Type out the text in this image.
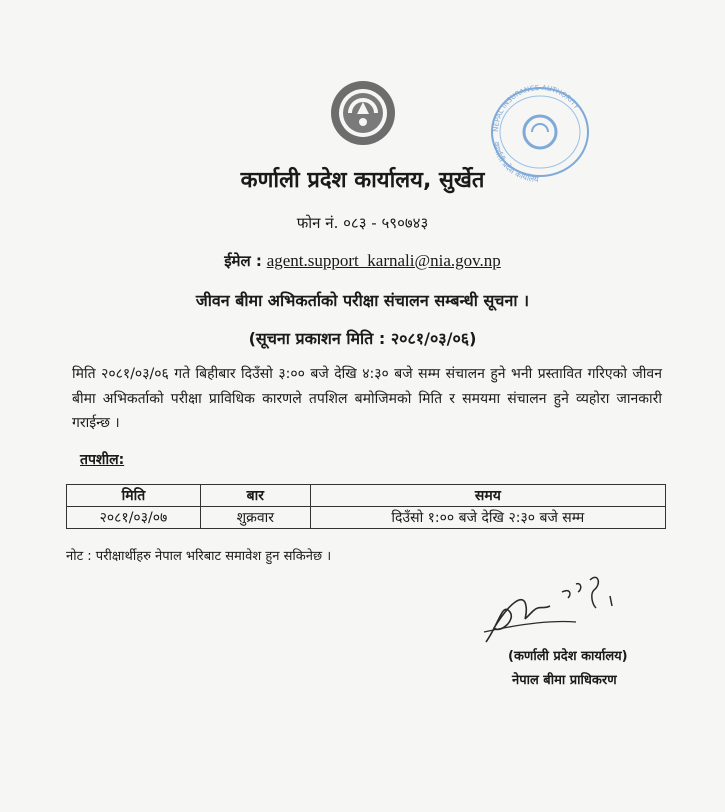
NEPAL INSURANCE AUTHORITY
कर्णाली प्रदेश कार्यालय
कर्णाली प्रदेश कार्यालय, सुर्खेत
फोन नं. ०८३ - ५९०७४३
ईमेल : agent.support_karnali@nia.gov.np
जीवन बीमा अभिकर्ताको परीक्षा संचालन सम्बन्धी सूचना ।
(सूचना प्रकाशन मिति : २०८१/०३/०६)
मिति २०८१/०३/०६ गते बिहीबार दिउँसो ३:०० बजे देखि ४:३० बजे सम्म संचालन हुने भनी प्रस्तावित गरिएको जीवन बीमा अभिकर्ताको परीक्षा प्राविधिक कारणले तपशिल बमोजिमको मिति र समयमा संचालन हुने व्यहोरा जानकारी गराईन्छ ।
तपशील:
मिति	बार	समय
२०८१/०३/०७	शुक्रवार	दिउँसो १:०० बजे देखि २:३० बजे सम्म
नोट : परीक्षार्थीहरु नेपाल भरिबाट समावेश हुन सकिनेछ ।
(कर्णाली प्रदेश कार्यालय)
नेपाल बीमा प्राधिकरण
